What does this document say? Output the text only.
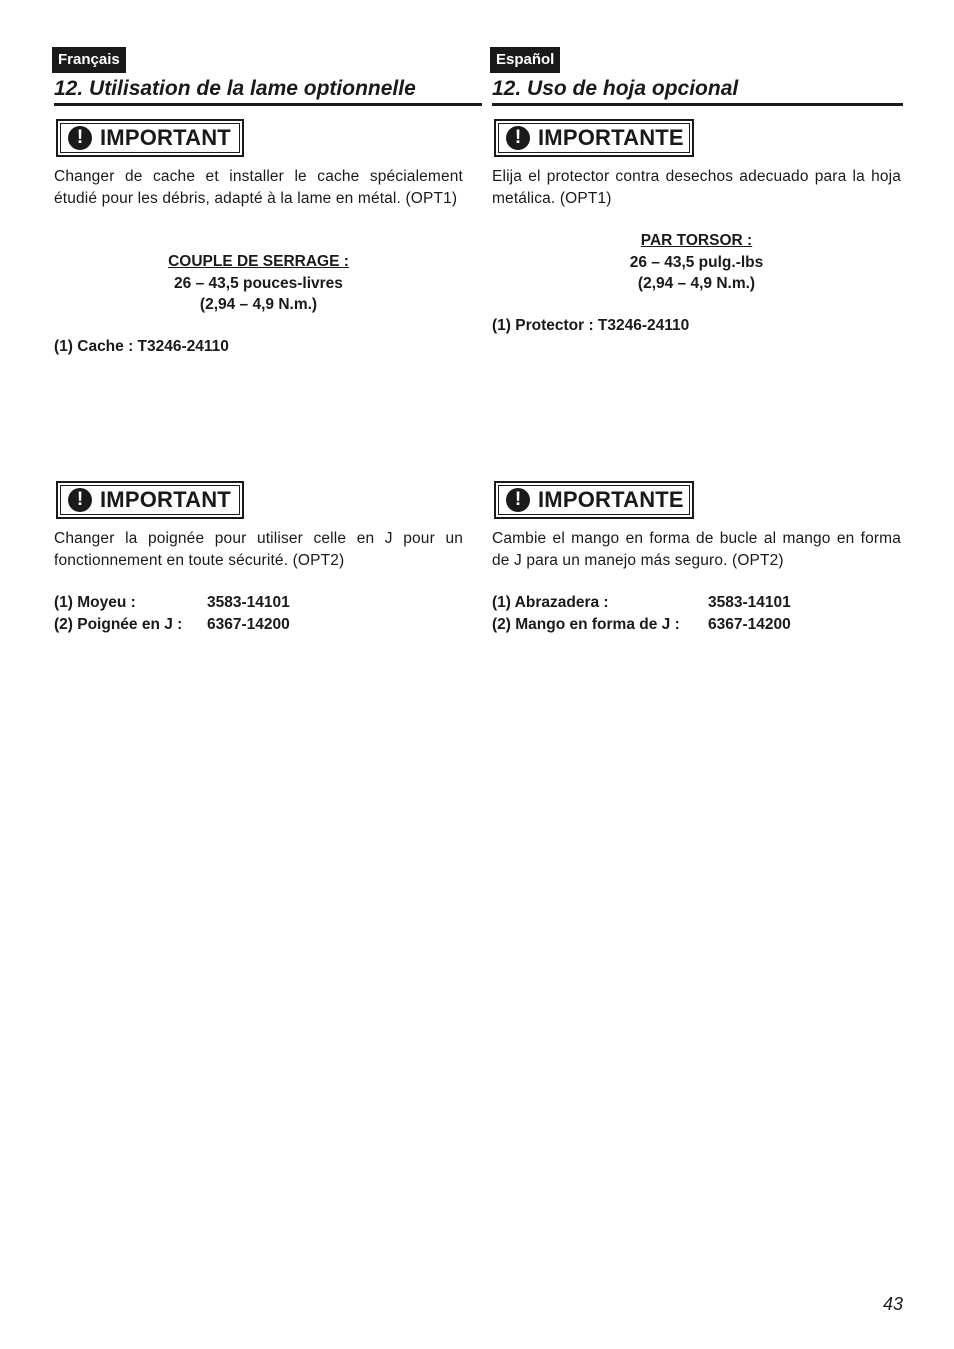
Français
12. Utilisation de la lame optionnelle
! IMPORTANT
Changer de cache et installer le cache spécialement étudié pour les débris, adapté à la lame en métal. (OPT1)
COUPLE DE SERRAGE :
26 – 43,5 pouces-livres
(2,94 – 4,9 N.m.)
(1) Cache : T3246-24110
! IMPORTANT
Changer la poignée pour utiliser celle en J pour un fonctionnement en toute sécurité. (OPT2)
(1) Moyeu :	3583-14101
(2) Poignée en J :	6367-14200
Español
12. Uso de hoja opcional
! IMPORTANTE
Elija el protector contra desechos adecuado para la hoja metálica. (OPT1)
PAR TORSOR :
26 – 43,5 pulg.-lbs
(2,94 – 4,9 N.m.)
(1) Protector : T3246-24110
! IMPORTANTE
Cambie el mango en forma de bucle al mango en forma de J para un manejo más seguro. (OPT2)
(1) Abrazadera :	3583-14101
(2) Mango en forma de J :	6367-14200
43
